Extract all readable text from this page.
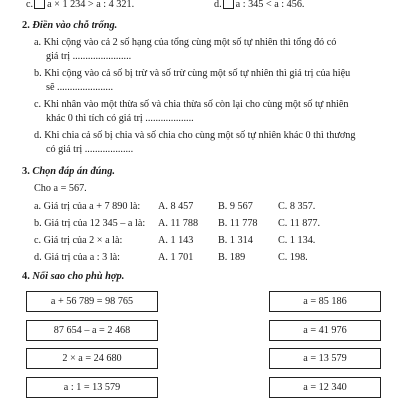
c. a × 1 234 > a : 4 321.	d. a : 345 < a : 456.
2. Điền vào chỗ trống.
a. Khi cộng vào cả 2 số hạng của tổng cùng một số tự nhiên thì tổng đó có
giá trị .......................
b. Khi cộng vào cả số bị trừ và số trừ cùng một số tự nhiên thì giá trị của hiệu
sẽ ......................
c. Khi nhân vào một thừa số và chia thừa số còn lại cho cùng một số tự nhiên
khác 0 thì tích có giá trị ...................
d. Khi chia cả số bị chia và số chia cho cùng một số tự nhiên khác 0 thì thương
có giá trị ...................
3. Chọn đáp án đúng.
Cho a = 567.
a. Giá trị của a + 7 890 là: A. 8 457 B. 9 567 C. 8 357.
b. Giá trị của 12 345 – a là: A. 11 788 B. 11 778 C. 11 877.
c. Giá trị của 2 × a là:	A. 1 143 B. 1 314 C. 1 134.
d. Giá trị của a : 3 là:	A. 1 701 B. 189	C. 198.
4. Nối sao cho phù hợp.
a + 56 789 = 98 765
87 654 – a = 2 468
2 × a = 24 680
a : 1 = 13 579
a = 85 186
a = 41 976
a = 13 579
a = 12 340
